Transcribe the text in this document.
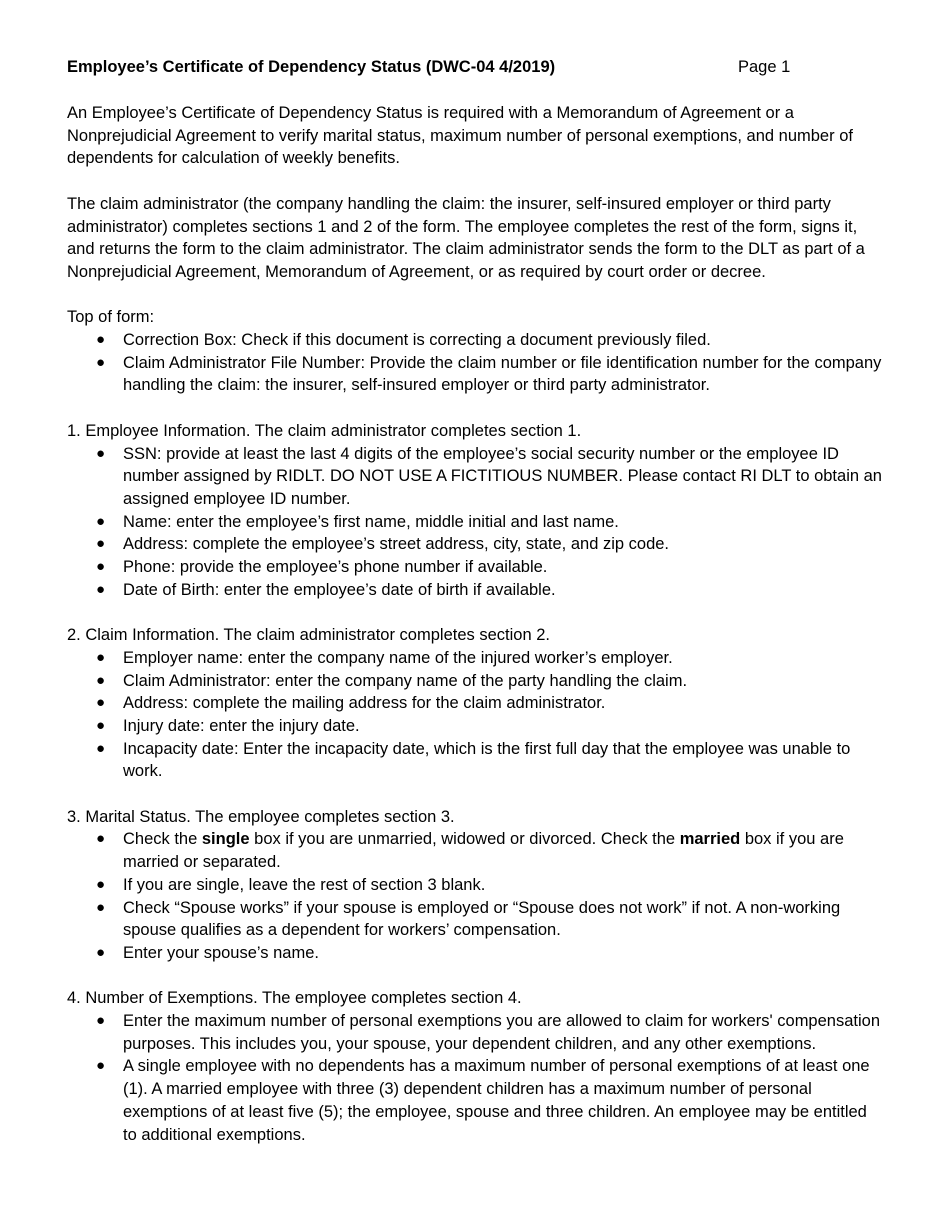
Employee’s Certificate of Dependency Status (DWC-04 4/2019)	Page 1

An Employee’s Certificate of Dependency Status is required with a Memorandum of Agreement or a Nonprejudicial Agreement to verify marital status, maximum number of personal exemptions, and number of dependents for calculation of weekly benefits.

The claim administrator (the company handling the claim: the insurer, self-insured employer or third party administrator) completes sections 1 and 2 of the form. The employee completes the rest of the form, signs it, and returns the form to the claim administrator. The claim administrator sends the form to the DLT as part of a Nonprejudicial Agreement, Memorandum of Agreement, or as required by court order or decree.

Top of form:

● Correction Box: Check if this document is correcting a document previously filed.
● Claim Administrator File Number: Provide the claim number or file identification number for the company handling the claim: the insurer, self-insured employer or third party administrator.

1. Employee Information. The claim administrator completes section 1.

● SSN: provide at least the last 4 digits of the employee’s social security number or the employee ID number assigned by RIDLT. DO NOT USE A FICTITIOUS NUMBER. Please contact RI DLT to obtain an assigned employee ID number.
● Name: enter the employee’s first name, middle initial and last name.
● Address: complete the employee’s street address, city, state, and zip code.
● Phone: provide the employee’s phone number if available.
● Date of Birth: enter the employee’s date of birth if available.

2. Claim Information. The claim administrator completes section 2.

● Employer name: enter the company name of the injured worker’s employer.
● Claim Administrator: enter the company name of the party handling the claim.
● Address: complete the mailing address for the claim administrator.
● Injury date: enter the injury date.
● Incapacity date: Enter the incapacity date, which is the first full day that the employee was unable to work.

3. Marital Status. The employee completes section 3.

● Check the single box if you are unmarried, widowed or divorced. Check the married box if you are married or separated.
● If you are single, leave the rest of section 3 blank.
● Check “Spouse works” if your spouse is employed or “Spouse does not work” if not. A non-working spouse qualifies as a dependent for workers’ compensation.
● Enter your spouse’s name.

4. Number of Exemptions. The employee completes section 4.

● Enter the maximum number of personal exemptions you are allowed to claim for workers' compensation purposes. This includes you, your spouse, your dependent children, and any other exemptions.
● A single employee with no dependents has a maximum number of personal exemptions of at least one (1). A married employee with three (3) dependent children has a maximum number of personal exemptions of at least five (5); the employee, spouse and three children. An employee may be entitled to additional exemptions.
